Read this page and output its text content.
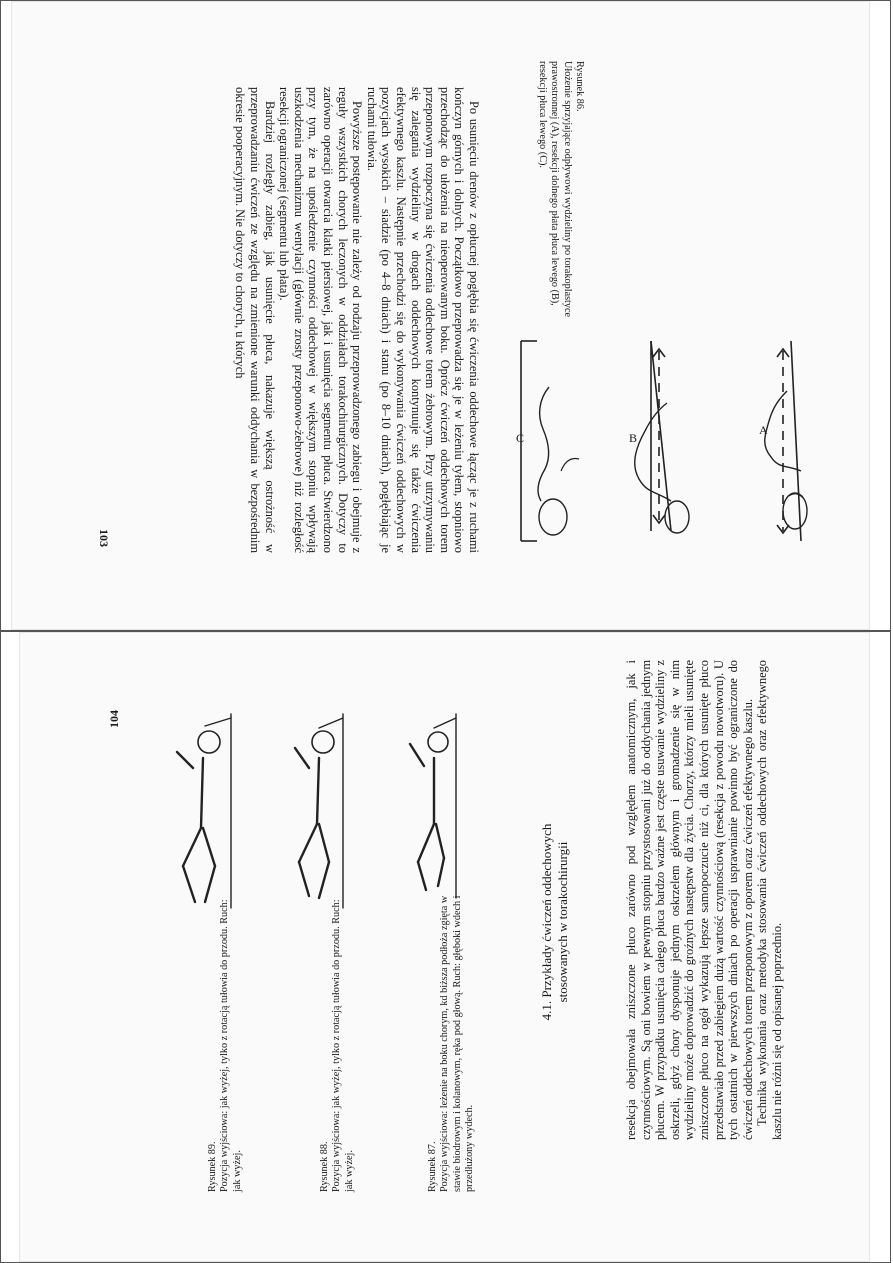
A
B
C
Rysunek 86.
Ułożenie sprzyjające odpływowi wydzieliny po torakoplastyce prawostronnej (A), resekcji dolnego płata płuca lewego (B), resekcji płuca lewego (C).

Po usunięciu drenów z opłucnej pogłębia się ćwiczenia oddechowe łącząc je z ruchami kończyn górnych i dolnych. Początkowo przeprowadza się je w leżeniu tyłem, stopniowo przechodząc do ułożenia na nieoperowanym boku. Oprócz ćwiczeń oddechowych torem przeponowym rozpoczyna się ćwiczenia oddechowe torem żebrowym. Przy utrzymywaniu się zalegania wydzieliny w drogach oddechowych kontynuuje się także ćwiczenia efektywnego kaszlu. Następnie przechodzi się do wykonywania ćwiczeń oddechowych w pozycjach wysokich – siadzie (po 4–8 dniach) i stanu (po 8–10 dniach), pogłębiając je ruchami tułowia.

Powyższe postępowanie nie zależy od rodzaju przeprowadzonego zabiegu i obejmuje z reguły wszystkich chorych leczonych w oddziałach torakochirurgicznych. Dotyczy to zarówno operacji otwarcia klatki piersiowej, jak i usunięcia segmentu płuca. Stwierdzono przy tym, że na upośledzenie czynności oddechowej w większym stopniu wpływają uszkodzenia mechanizmu wentylacji (głównie zrosty przeponowo-żebrowe) niż rozległość resekcji ograniczonej (segmentu lub płata).

Bardziej rozległy zabieg, jak usunięcie płuca, nakazuje większą ostrożność w przeprowadzaniu ćwiczeń ze względu na zmienione warunki oddychania w bezpośrednim okresie pooperacyjnym. Nie dotyczy to chorych, u których

103

resekcja obejmowała zniszczone płuco zarówno pod względem anatomicznym, jak i czynnościowym. Są oni bowiem w pewnym stopniu przystosowani już do oddychania jednym płucem. W przypadku usunięcia całego płuca bardzo ważne jest częste usuwanie wydzieliny z oskrzeli, gdyż chory dysponuje jednym oskrzelem głównym i gromadzenie się w nim wydzieliny może doprowadzić do groźnych następstw dla życia. Chorzy, którzy mieli usunięte zniszczone płuco na ogół wykazują lepsze samopoczucie niż ci, dla których usunięte płuco przedstawiało przed zabiegiem dużą wartość czynnościową (resekcja z powodu nowotworu). U tych ostatnich w pierwszych dniach po operacji usprawnianie powinno być ograniczone do ćwiczeń oddechowych torem przeponowym z oporem oraz ćwiczeń efektywnego kaszlu. Technika wykonania oraz metodyka stosowania ćwiczeń oddechowych oraz efektywnego kaszlu nie różni się od opisanej poprzednio.

4.1. Przykłady ćwiczeń oddechowych stosowanych w torakochirurgii
Rysunek 87. Pozycja wyjściowa: leżenie na boku chorym, kd biższa podłoża zgięta w stawie biodrowym i kolanowym, ręka pod głową. Ruch: głęboki wdech i przedłużony wydech.
Rysunek 88. Pozycja wyjściowa: jak wyżej, tylko z rotacją tułowia do przodu. Ruch: jak wyżej.
Rysunek 89. Pozycja wyjściowa: jak wyżej, tylko z rotacją tułowia do przodu. Ruch: jak wyżej.
104
